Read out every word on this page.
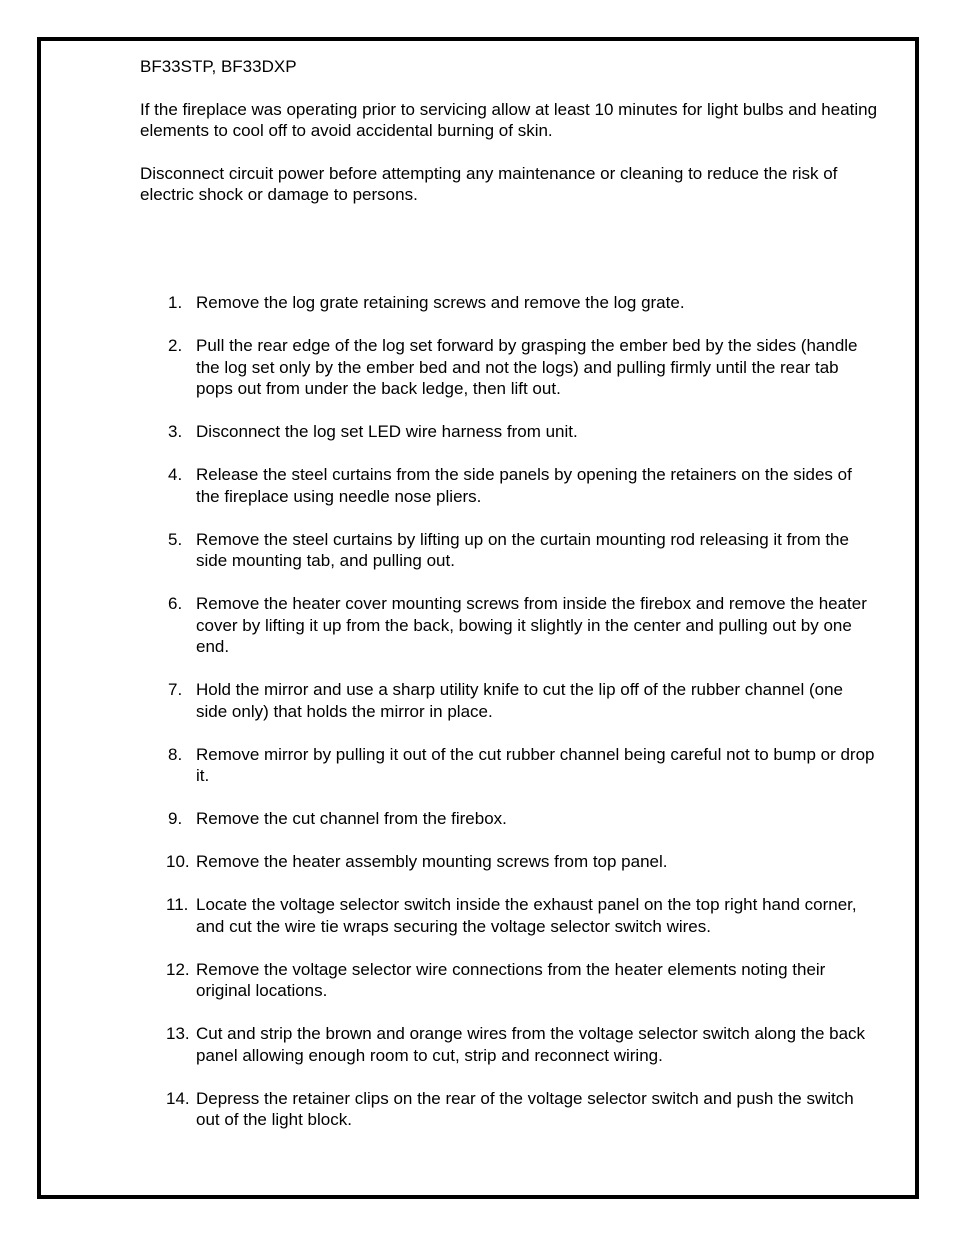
BF33STP, BF33DXP

If the fireplace was operating prior to servicing allow at least 10 minutes for light bulbs and heating elements to cool off to avoid accidental burning of skin.

Disconnect circuit power before attempting any maintenance or cleaning to reduce the risk of electric shock or damage to persons.

1. Remove the log grate retaining screws and remove the log grate.
2. Pull the rear edge of the log set forward by grasping the ember bed by the sides (handle the log set only by the ember bed and not the logs) and pulling firmly until the rear tab pops out from under the back ledge, then lift out.
3. Disconnect the log set LED wire harness from unit.
4. Release the steel curtains from the side panels by opening the retainers on the sides of the fireplace using needle nose pliers.
5. Remove the steel curtains by lifting up on the curtain mounting rod releasing it from the side mounting tab, and pulling out.
6. Remove the heater cover mounting screws from inside the firebox and remove the heater cover by lifting it up from the back, bowing it slightly in the center and pulling out by one end.
7. Hold the mirror and use a sharp utility knife to cut the lip off of the rubber channel (one side only) that holds the mirror in place.
8. Remove mirror by pulling it out of the cut rubber channel being careful not to bump or drop it.
9. Remove the cut channel from the firebox.
10. Remove the heater assembly mounting screws from top panel.
11. Locate the voltage selector switch inside the exhaust panel on the top right hand corner, and cut the wire tie wraps securing the voltage selector switch wires.
12. Remove the voltage selector wire connections from the heater elements noting their original locations.
13. Cut and strip the brown and orange wires from the voltage selector switch along the back panel allowing enough room to cut, strip and reconnect wiring.
14. Depress the retainer clips on the rear of the voltage selector switch and push the switch out of the light block.
